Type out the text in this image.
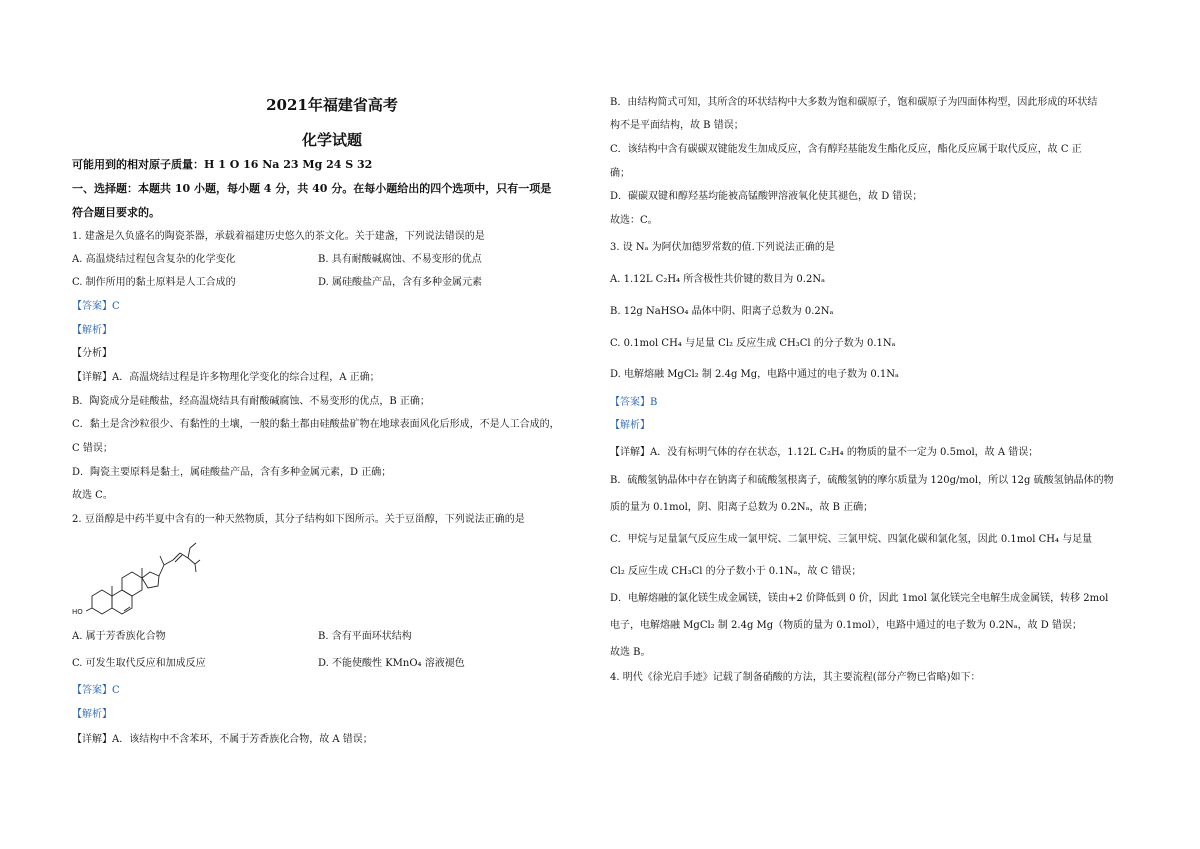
2021年福建省高考
化学试题
可能用到的相对原子质量：H 1 O 16 Na 23 Mg 24 S 32
一、选择题：本题共 10 小题，每小题 4 分，共 40 分。在每小题给出的四个选项中，只有一项是
符合题目要求的。
1. 建盏是久负盛名的陶瓷茶器，承载着福建历史悠久的茶文化。关于建盏，下列说法错误的是
A. 高温烧结过程包含复杂的化学变化	B. 具有耐酸碱腐蚀、不易变形的优点
C. 制作所用的黏土原料是人工合成的	D. 属硅酸盐产品，含有多种金属元素
【答案】C
【解析】
【分析】
【详解】A．高温烧结过程是许多物理化学变化的综合过程，A 正确；
B．陶瓷成分是硅酸盐，经高温烧结具有耐酸碱腐蚀、不易变形的优点，B 正确；
C．黏土是含沙粒很少、有黏性的土壤，一般的黏土都由硅酸盐矿物在地球表面风化后形成，不是人工合成的，
C 错误；
D．陶瓷主要原料是黏土，属硅酸盐产品，含有多种金属元素，D 正确；
故选 C。
2. 豆甾醇是中药半夏中含有的一种天然物质，其分子结构如下图所示。关于豆甾醇，下列说法正确的是
HO
A. 属于芳香族化合物	B. 含有平面环状结构
C. 可发生取代反应和加成反应	D. 不能使酸性 KMnO₄ 溶液褪色
【答案】C
【解析】
【详解】A．该结构中不含苯环，不属于芳香族化合物，故 A 错误；
B．由结构简式可知，其所含的环状结构中大多数为饱和碳原子，饱和碳原子为四面体构型，因此形成的环状结
构不是平面结构，故 B 错误；
C．该结构中含有碳碳双键能发生加成反应，含有醇羟基能发生酯化反应，酯化反应属于取代反应，故 C 正
确；
D．碳碳双键和醇羟基均能被高锰酸钾溶液氧化使其褪色，故 D 错误；
故选：C。
3. 设 Nₐ 为阿伏加德罗常数的值.下列说法正确的是
A. 1.12L C₂H₄ 所含极性共价键的数目为 0.2Nₐ
B. 12g NaHSO₄ 晶体中阴、阳离子总数为 0.2Nₐ
C. 0.1mol CH₄ 与足量 Cl₂ 反应生成 CH₃Cl 的分子数为 0.1Nₐ
D. 电解熔融 MgCl₂ 制 2.4g Mg，电路中通过的电子数为 0.1Nₐ
【答案】B
【解析】
【详解】A．没有标明气体的存在状态，1.12L C₂H₄ 的物质的量不一定为 0.5mol，故 A 错误；
B．硫酸氢钠晶体中存在钠离子和硫酸氢根离子，硫酸氢钠的摩尔质量为 120g/mol，所以 12g 硫酸氢钠晶体的物
质的量为 0.1mol，阴、阳离子总数为 0.2Nₐ，故 B 正确；
C．甲烷与足量氯气反应生成一氯甲烷、二氯甲烷、三氯甲烷、四氯化碳和氯化氢，因此 0.1mol CH₄ 与足量
Cl₂ 反应生成 CH₃Cl 的分子数小于 0.1Nₐ，故 C 错误；
D．电解熔融的氯化镁生成金属镁，镁由+2 价降低到 0 价，因此 1mol 氯化镁完全电解生成金属镁，转移 2mol
电子，电解熔融 MgCl₂ 制 2.4g Mg（物质的量为 0.1mol），电路中通过的电子数为 0.2Nₐ，故 D 错误；
故选 B。
4. 明代《徐光启手迹》记载了制备硝酸的方法，其主要流程(部分产物已省略)如下：
